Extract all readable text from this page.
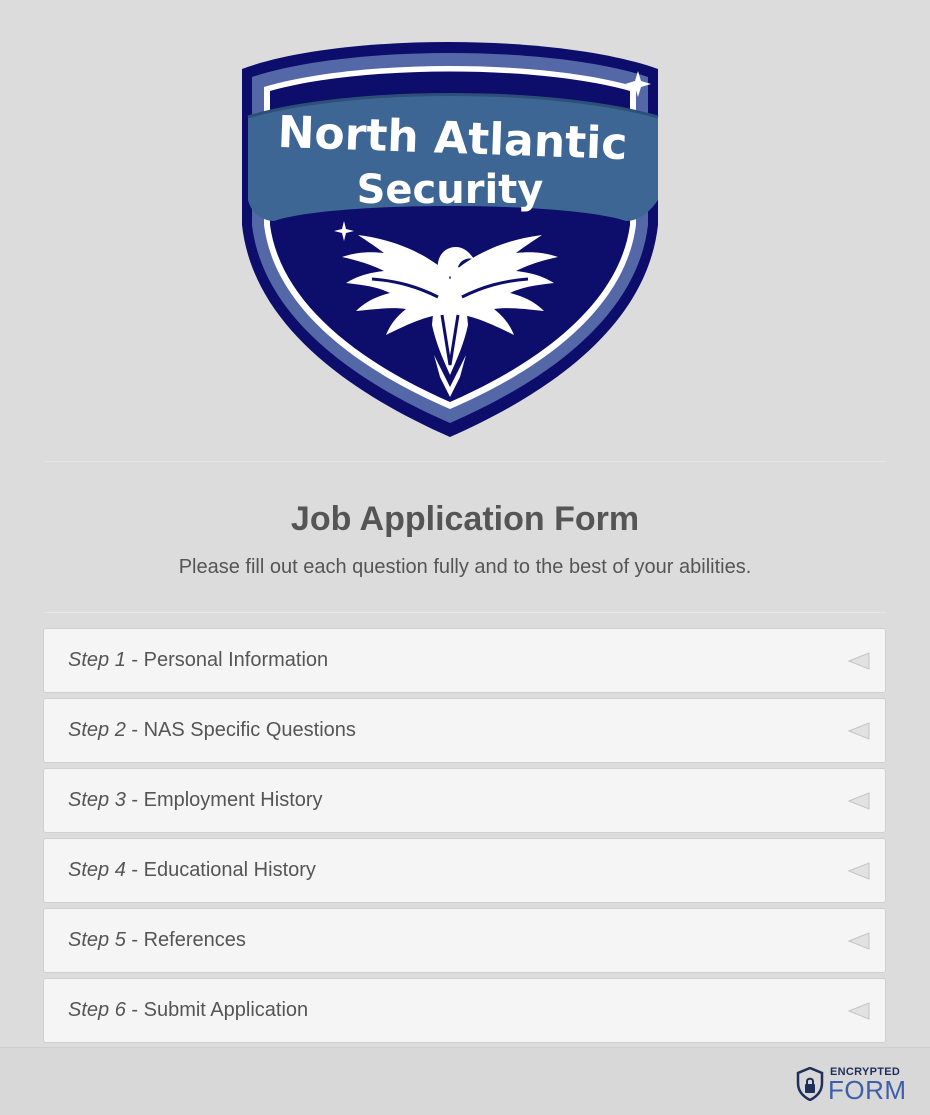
North Atlantic
Security
Job Application Form
Please fill out each question fully and to the best of your abilities.
Step 1 - Personal Information
Step 2 - NAS Specific Questions
Step 3 - Employment History
Step 4 - Educational History
Step 5 - References
Step 6 - Submit Application
ENCRYPTED
FORM
